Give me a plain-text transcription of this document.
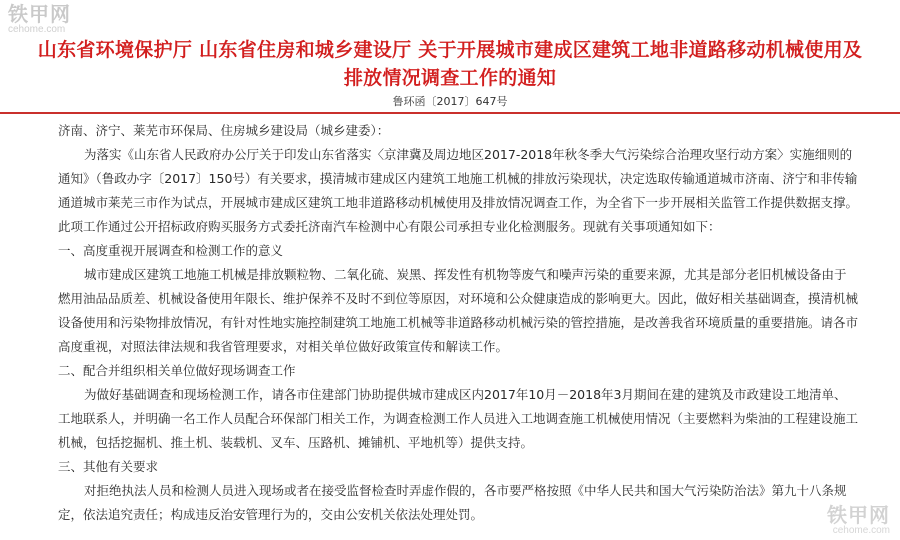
铁甲网
cehome.com
山东省环境保护厅 山东省住房和城乡建设厅 关于开展城市建成区建筑工地非道路移动机械使用及
排放情况调查工作的通知
鲁环函〔2017〕647号

济南、济宁、莱芜市环保局、住房城乡建设局（城乡建委）：

为落实《山东省人民政府办公厅关于印发山东省落实〈京津冀及周边地区2017-2018年秋冬季大气污染综合治理攻坚行动方案〉实施细则的通知》（鲁政办字〔2017〕150号）有关要求，摸清城市建成区内建筑工地施工机械的排放污染现状，决定选取传输通道城市济南、济宁和非传输通道城市莱芜三市作为试点，开展城市建成区建筑工地非道路移动机械使用及排放情况调查工作，为全省下一步开展相关监管工作提供数据支撑。此项工作通过公开招标政府购买服务方式委托济南汽车检测中心有限公司承担专业化检测服务。现就有关事项通知如下：

一、高度重视开展调查和检测工作的意义

城市建成区建筑工地施工机械是排放颗粒物、二氧化硫、炭黑、挥发性有机物等废气和噪声污染的重要来源，尤其是部分老旧机械设备由于燃用油品品质差、机械设备使用年限长、维护保养不及时不到位等原因，对环境和公众健康造成的影响更大。因此，做好相关基础调查，摸清机械设备使用和污染物排放情况，有针对性地实施控制建筑工地施工机械等非道路移动机械污染的管控措施，是改善我省环境质量的重要措施。请各市高度重视，对照法律法规和我省管理要求，对相关单位做好政策宣传和解读工作。

二、配合并组织相关单位做好现场调查工作

为做好基础调查和现场检测工作，请各市住建部门协助提供城市建成区内2017年10月－2018年3月期间在建的建筑及市政建设工地清单、工地联系人，并明确一名工作人员配合环保部门相关工作，为调查检测工作人员进入工地调查施工机械使用情况（主要燃料为柴油的工程建设施工机械，包括挖掘机、推土机、装载机、叉车、压路机、摊铺机、平地机等）提供支持。

三、其他有关要求

对拒绝执法人员和检测人员进入现场或者在接受监督检查时弄虚作假的，各市要严格按照《中华人民共和国大气污染防治法》第九十八条规定，依法追究责任；构成违反治安管理行为的，交由公安机关依法处理处罚。	铁甲网
cehome.com
